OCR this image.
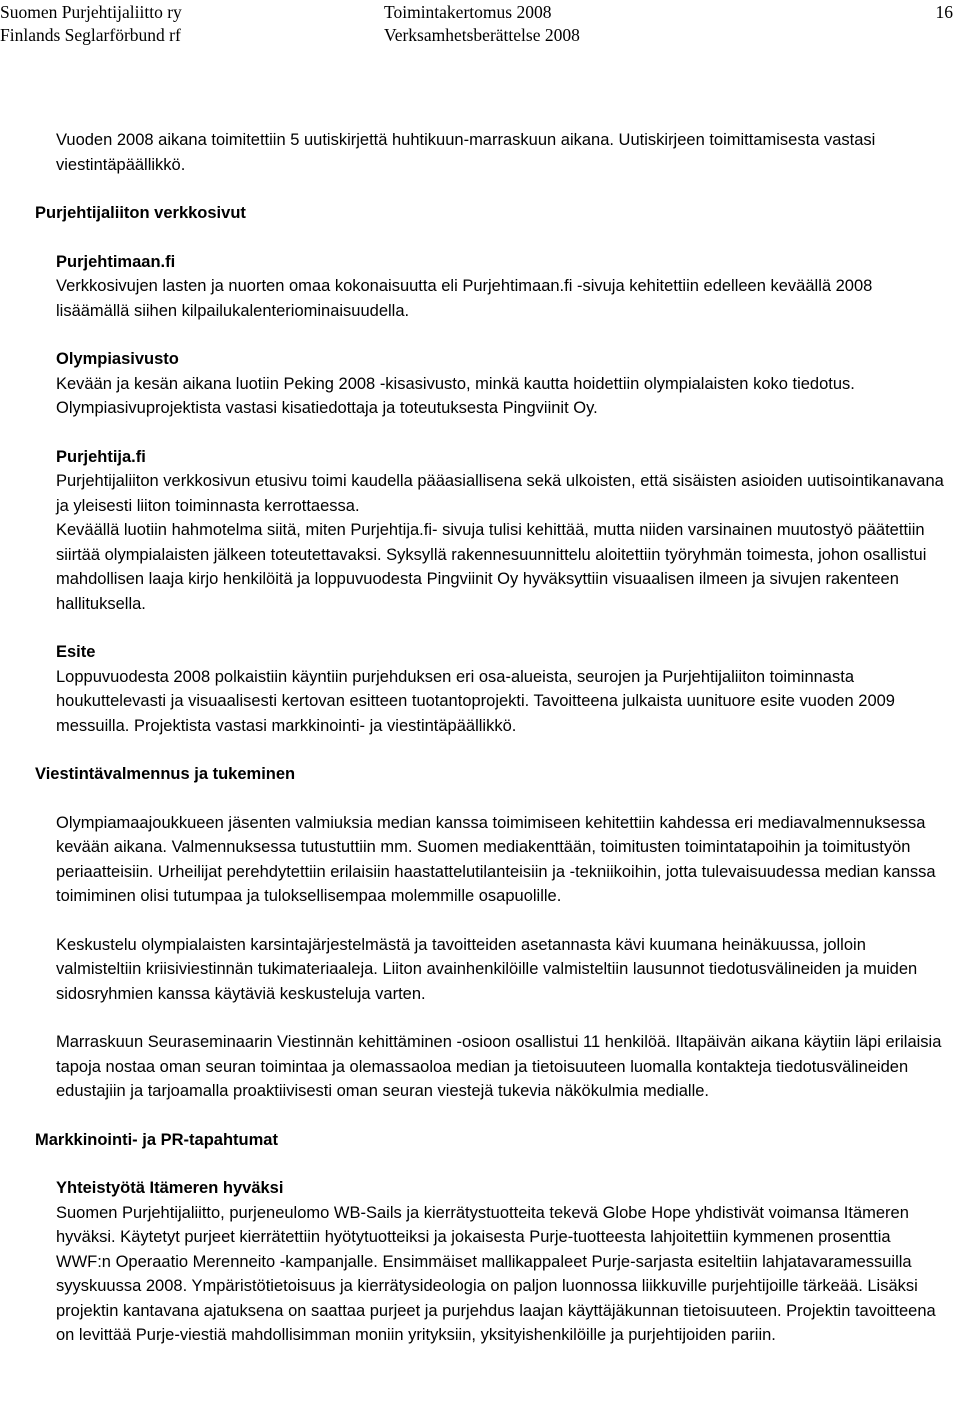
Suomen Purjehtijaliitto ry
Finlands Seglarförbund rf
Toimintakertomus 2008
Verksamhetsberättelse 2008
16

Vuoden 2008 aikana toimitettiin 5 uutiskirjettä huhtikuun-marraskuun aikana. Uutiskirjeen toimittamisesta vastasi viestintäpäällikkö.

Purjehtijaliiton verkkosivut

Purjehtimaan.fi

Verkkosivujen lasten ja nuorten omaa kokonaisuutta eli Purjehtimaan.fi -sivuja kehitettiin edelleen keväällä 2008 lisäämällä siihen kilpailukalenteriominaisuudella.

Olympiasivusto

Kevään ja kesän aikana luotiin Peking 2008 -kisasivusto, minkä kautta hoidettiin olympialaisten koko tiedotus.

Olympiasivuprojektista vastasi kisatiedottaja ja toteutuksesta Pingviinit Oy.

Purjehtija.fi

Purjehtijaliiton verkkosivun etusivu toimi kaudella pääasiallisena sekä ulkoisten, että sisäisten asioiden uutisointikanavana ja yleisesti liiton toiminnasta kerrottaessa.

Keväällä luotiin hahmotelma siitä, miten Purjehtija.fi- sivuja tulisi kehittää, mutta niiden varsinainen muutostyö päätettiin siirtää olympialaisten jälkeen toteutettavaksi. Syksyllä rakennesuunnittelu aloitettiin työryhmän toimesta, johon osallistui mahdollisen laaja kirjo henkilöitä ja loppuvuodesta Pingviinit Oy hyväksyttiin visuaalisen ilmeen ja sivujen rakenteen hallituksella.

Esite

Loppuvuodesta 2008 polkaistiin käyntiin purjehduksen eri osa-alueista, seurojen ja Purjehtijaliiton toiminnasta houkuttelevasti ja visuaalisesti kertovan esitteen tuotantoprojekti. Tavoitteena julkaista uunituore esite vuoden 2009 messuilla. Projektista vastasi markkinointi- ja viestintäpäällikkö.

Viestintävalmennus ja tukeminen

Olympiamaajoukkueen jäsenten valmiuksia median kanssa toimimiseen kehitettiin kahdessa eri mediavalmennuksessa kevään aikana. Valmennuksessa tutustuttiin mm. Suomen mediakenttään, toimitusten toimintatapoihin ja toimitustyön periaatteisiin. Urheilijat perehdytettiin erilaisiin haastattelutilanteisiin ja -tekniikoihin, jotta tulevaisuudessa median kanssa toimiminen olisi tutumpaa ja tuloksellisempaa molemmille osapuolille.

Keskustelu olympialaisten karsintajärjestelmästä ja tavoitteiden asetannasta kävi kuumana heinäkuussa, jolloin valmisteltiin kriisiviestinnän tukimateriaaleja. Liiton avainhenkilöille valmisteltiin lausunnot tiedotusvälineiden ja muiden sidosryhmien kanssa käytäviä keskusteluja varten.

Marraskuun Seuraseminaarin Viestinnän kehittäminen -osioon osallistui 11 henkilöä. Iltapäivän aikana käytiin läpi erilaisia tapoja nostaa oman seuran toimintaa ja olemassaoloa median ja tietoisuuteen luomalla kontakteja tiedotusvälineiden edustajiin ja tarjoamalla proaktiivisesti oman seuran viestejä tukevia näkökulmia medialle.

Markkinointi- ja PR-tapahtumat

Yhteistyötä Itämeren hyväksi

Suomen Purjehtijaliitto, purjeneulomo WB-Sails ja kierrätystuotteita tekevä Globe Hope yhdistivät voimansa Itämeren hyväksi. Käytetyt purjeet kierrätettiin hyötytuotteiksi ja jokaisesta Purje-tuotteesta lahjoitettiin kymmenen prosenttia WWF:n Operaatio Merenneito -kampanjalle. Ensimmäiset mallikappaleet Purje-sarjasta esiteltiin lahjatavaramessuilla syyskuussa 2008. Ympäristötietoisuus ja kierrätysideologia on paljon luonnossa liikkuville purjehtijoille tärkeää. Lisäksi projektin kantavana ajatuksena on saattaa purjeet ja purjehdus laajan käyttäjäkunnan tietoisuuteen. Projektin tavoitteena on levittää Purje-viestiä mahdollisimman moniin yrityksiin, yksityishenkilöille ja purjehtijoiden pariin.
